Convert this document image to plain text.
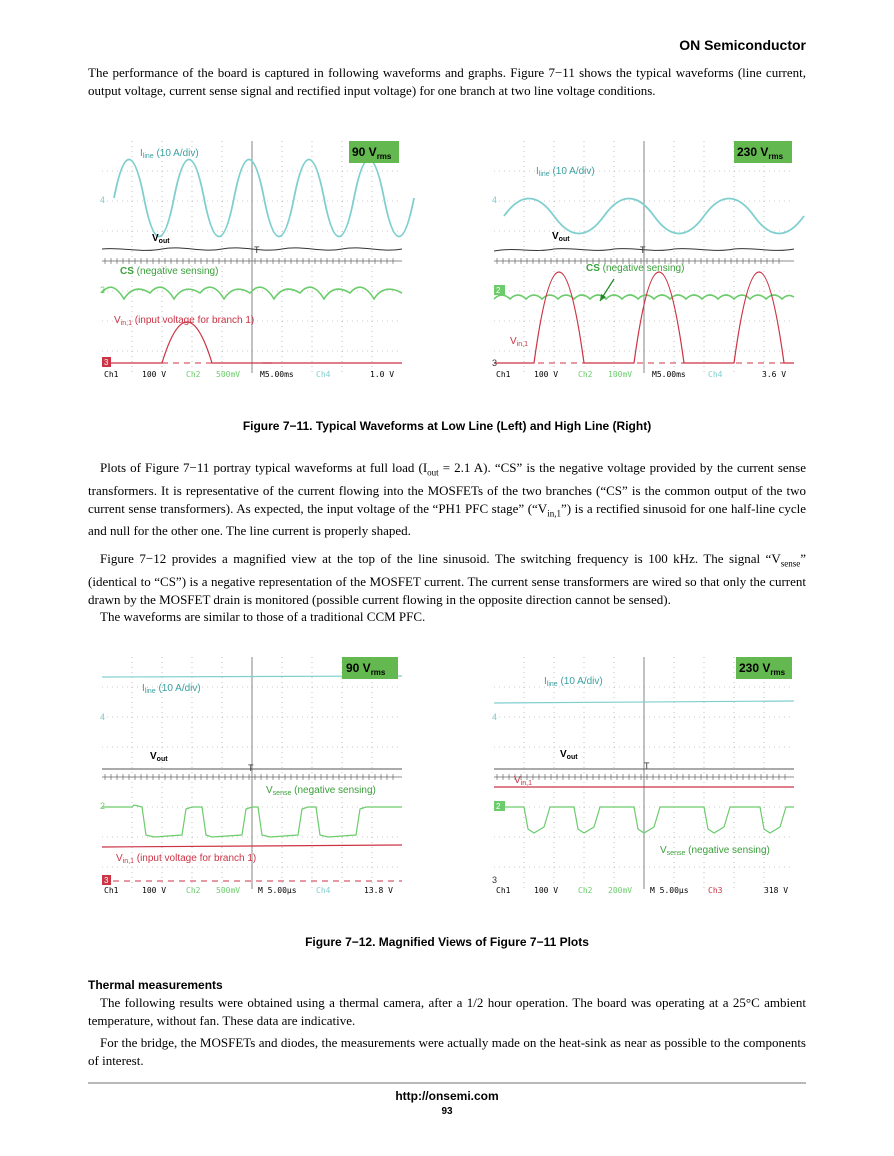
ON Semiconductor

The performance of the board is captured in following waveforms and graphs. Figure 7−11 shows the typical waveforms (line current, output voltage, current sense signal and rectified input voltage) for one branch at two line voltage conditions.

90 $V_{rms}$
$I_{line}$ (10 A/div)
$V_{out}$
CS (negative sensing)
$V_{in,1}$ (input voltage for branch 1)
4
2
3
T
Ch1	100 V Ch2 500mV M5.00ms	Ch4	1.0 V
230 $V_{rms}$
$I_{line}$ (10 A/div)
$V_{out}$
CS (negative sensing)
$V_{in,1}$
4
2
3
T
Ch1	100 V Ch2 100mV M5.00ms	Ch4	3.6 V
Figure 7−11. Typical Waveforms at Low Line (Left) and High Line (Right)

Plots of Figure 7−11 portray typical waveforms at full load ($I_{out} = 2.1$ A). “CS” is the negative voltage provided by the current sense transformers. It is representative of the current flowing into the MOSFETs of the two branches (“CS” is the common output of the two current sense transformers). As expected, the input voltage of the “PH1 PFC stage” $(“V_{in,1}”)$ is a rectified sinusoid for one half-line cycle and null for the other one. The line current is properly shaped.

Figure 7−12 provides a magnified view at the top of the line sinusoid. The switching frequency is 100 kHz. The signal “$V_{sense}$” (identical to “CS”) is a negative representation of the MOSFET current. The current sense transformers are wired so that only the current drawn by the MOSFET drain is monitored (possible current flowing in the opposite direction cannot be sensed).

The waveforms are similar to those of a traditional CCM PFC.

90 $V_{rms}$
$I_{line}$ (10 A/div)
$V_{out}$
$V_{sense}$ (negative sensing)
$V_{in,1}$ (input voltage for branch 1)
4
2
3
T
Ch1	100 V Ch2 500mV M 5.00µs Ch4	13.8 V
230 $V_{rms}$
$I_{line}$ (10 A/div)
$V_{out}$
$V_{in,1}$
$V_{sense}$ (negative sensing)
4
2
3
T
Ch1	100 V Ch2 200mV M 5.00µs Ch3	318 V
Figure 7−12. Magnified Views of Figure 7−11 Plots
Thermal measurements

The following results were obtained using a thermal camera, after a 1/2 hour operation. The board was operating at a 25°C ambient temperature, without fan. These data are indicative.

For the bridge, the MOSFETs and diodes, the measurements were actually made on the heat-sink as near as possible to the components of interest.

http://onsemi.com
93
